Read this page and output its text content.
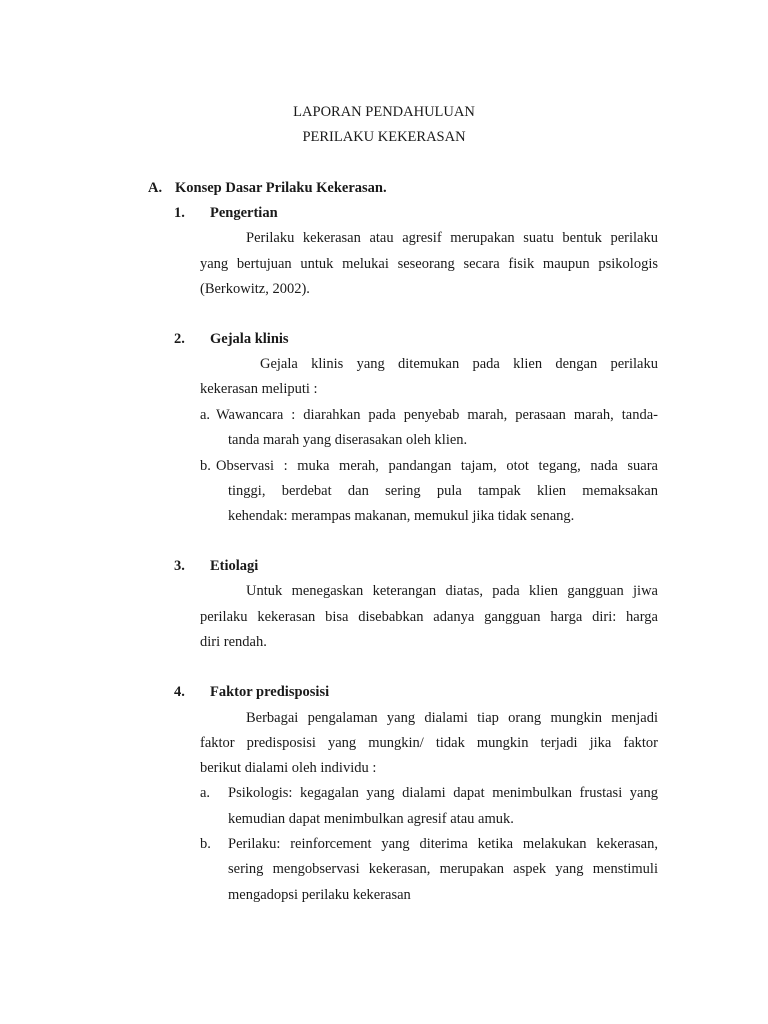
LAPORAN PENDAHULUAN
PERILAKU KEKERASAN
A. Konsep Dasar Prilaku Kekerasan.
1. Pengertian
Perilaku kekerasan atau agresif merupakan suatu bentuk perilaku
yang bertujuan untuk melukai seseorang secara fisik maupun psikologis
(Berkowitz, 2002).
2. Gejala klinis
Gejala klinis yang ditemukan pada klien dengan perilaku
kekerasan meliputi :
a. Wawancara : diarahkan pada penyebab marah, perasaan marah, tanda-
tanda marah yang diserasakan oleh klien.
b. Observasi : muka merah, pandangan tajam, otot tegang, nada suara
tinggi, berdebat dan sering pula tampak klien memaksakan
kehendak: merampas makanan, memukul jika tidak senang.
3. Etiolagi
Untuk menegaskan keterangan diatas, pada klien gangguan jiwa
perilaku kekerasan bisa disebabkan adanya gangguan harga diri: harga
diri rendah.
4. Faktor predisposisi
Berbagai pengalaman yang dialami tiap orang mungkin menjadi
faktor predisposisi yang mungkin/ tidak mungkin terjadi jika faktor
berikut dialami oleh individu :
a. Psikologis: kegagalan yang dialami dapat menimbulkan frustasi yang
kemudian dapat menimbulkan agresif atau amuk.
b. Perilaku: reinforcement yang diterima ketika melakukan kekerasan,
sering mengobservasi kekerasan, merupakan aspek yang menstimuli
mengadopsi perilaku kekerasan
